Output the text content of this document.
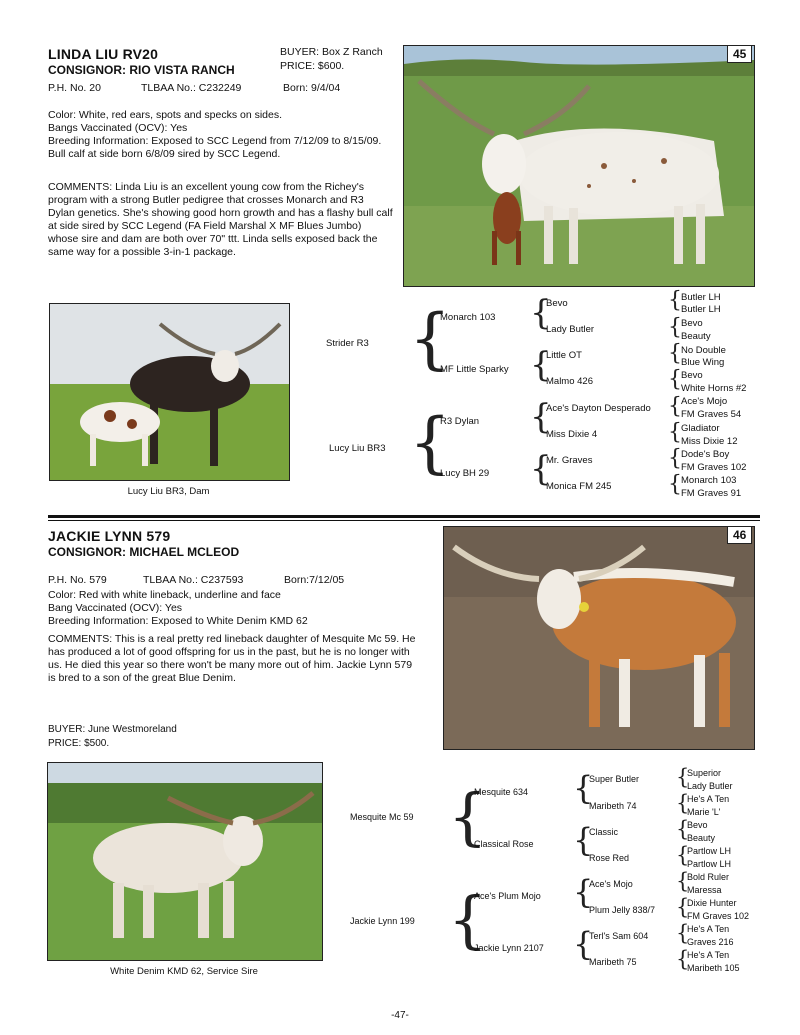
LINDA LIU RV20
CONSIGNOR: RIO VISTA RANCH
BUYER: Box Z Ranch
PRICE: $600.
P.H. No. 20	TLBAA No.: C232249	Born: 9/4/04
Color: White, red ears, spots and specks on sides.
Bangs Vaccinated (OCV): Yes
Breeding Information: Exposed to SCC Legend from 7/12/09 to 8/15/09. Bull calf at side born 6/8/09 sired by SCC Legend.
COMMENTS: Linda Liu is an excellent young cow from the Richey's program with a strong Butler pedigree that crosses Monarch and R3 Dylan genetics. She's showing good horn growth and has a flashy bull calf at side sired by SCC Legend (FA Field Marshal X MF Blues Jumbo) whose sire and dam are both over 70" ttt. Linda sells exposed back the same way for a possible 3-in-1 package.
45
Lucy Liu BR3, Dam
Strider R3
Lucy Liu BR3
{
{
Monarch 103
MF Little Sparky
R3 Dylan
Lucy BH 29
{
{
{
{
Bevo
Lady Butler
Little OT
Malmo 426
Ace's Dayton Desperado
Miss Dixie 4
Mr. Graves
Monica FM 245
{
{
{
{
{
{
{
{
Butler LH
Butler LH
Bevo
Beauty
No Double
Blue Wing
Bevo
White Horns #2
Ace's Mojo
FM Graves 54
Gladiator
Miss Dixie 12
Dode's Boy
FM Graves 102
Monarch 103
FM Graves 91
JACKIE LYNN 579
CONSIGNOR: MICHAEL MCLEOD
P.H. No. 579	TLBAA No.: C237593	Born:7/12/05
Color: Red with white lineback, underline and face
Bang Vaccinated (OCV): Yes
Breeding Information: Exposed to White Denim KMD 62
COMMENTS: This is a real pretty red lineback daughter of Mesquite Mc 59. He has produced a lot of good offspring for us in the past, but he is no longer with us. He died this year so there won't be many more out of him. Jackie Lynn 579 is bred to a son of the great Blue Denim.
BUYER: June Westmoreland
PRICE: $500.
46
White Denim KMD 62, Service Sire
Mesquite Mc 59
Jackie Lynn 199
{
{
Mesquite 634
Classical Rose
Ace's Plum Mojo
Jackie Lynn 2107
{
{
{
{
Super Butler
Maribeth 74
Classic
Rose Red
Ace's Mojo
Plum Jelly 838/7
Terl's Sam 604
Maribeth 75
{
{
{
{
{
{
{
{
Superior
Lady Butler
He's A Ten
Marie 'L'
Bevo
Beauty
Partlow LH
Partlow LH
Bold Ruler
Maressa
Dixie Hunter
FM Graves 102
He's A Ten
Graves 216
He's A Ten
Maribeth 105
-47-
